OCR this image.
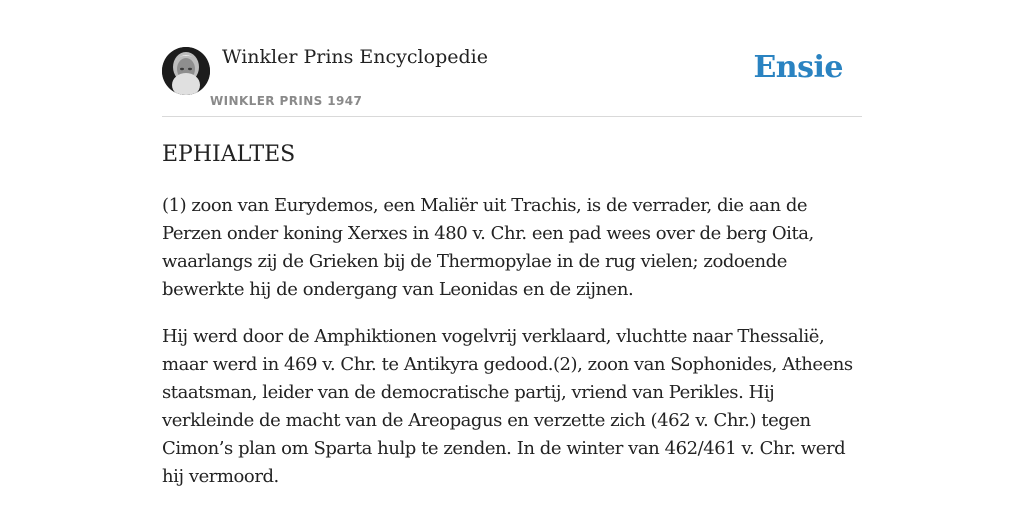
Winkler Prins Encyclopedie
WINKLER PRINS 1947
Ensie
EPHIALTES

(1) zoon van Eurydemos, een Maliër uit Trachis, is de verrader, die aan de Perzen onder koning Xerxes in 480 v. Chr. een pad wees over de berg Oita, waarlangs zij de Grieken bij de Thermopylae in de rug vielen; zodoende bewerkte hij de ondergang van Leonidas en de zijnen.

Hij werd door de Amphiktionen vogelvrij verklaard, vluchtte naar Thessalië, maar werd in 469 v. Chr. te Antikyra gedood.(2), zoon van Sophonides, Atheens staatsman, leider van de democratische partij, vriend van Perikles. Hij verkleinde de macht van de Areopagus en verzette zich (462 v. Chr.) tegen Cimon’s plan om Sparta hulp te zenden. In de winter van 462/461 v. Chr. werd hij vermoord.
